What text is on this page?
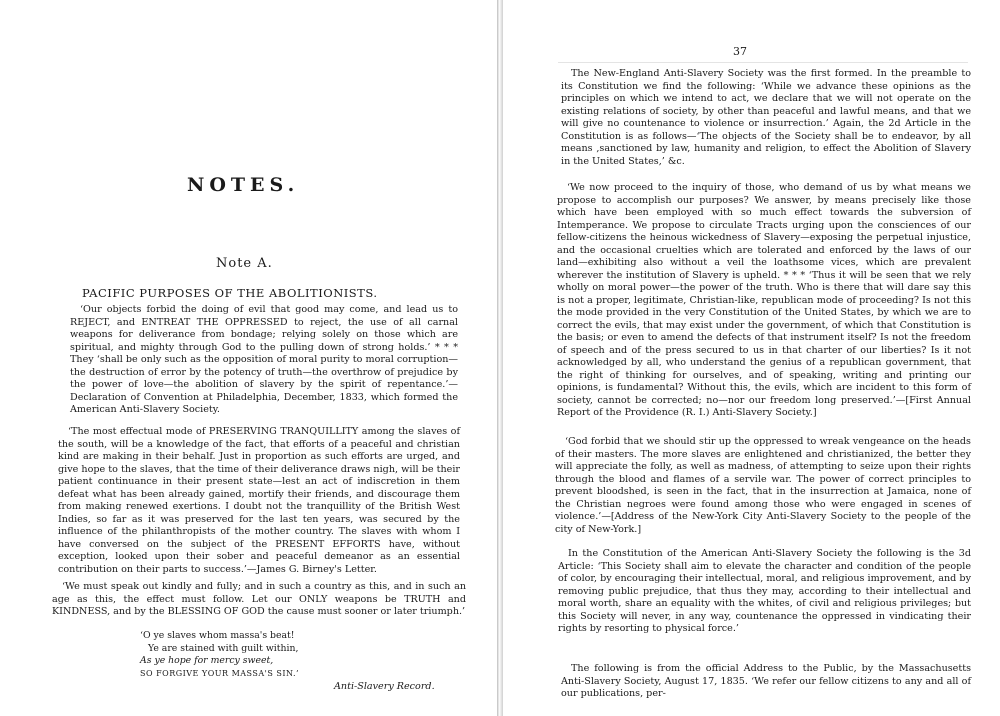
NOTES.
Note A.
PACIFIC PURPOSES OF THE ABOLITIONISTS.

‘Our objects forbid the doing of evil that good may come, and lead us to REJECT, and ENTREAT THE OPPRESSED to reject, the use of all carnal weapons for deliverance from bondage; relying solely on those which are spiritual, and mighty through God to the pulling down of strong holds.’ * * * They ‘shall be only such as the opposition of moral purity to moral corruption—the destruction of error by the potency of truth—the overthrow of prejudice by the power of love—the abolition of slavery by the spirit of repentance.’—Declaration of Convention at Philadelphia, December, 1833, which formed the American Anti-Slavery Society.

‘The most effectual mode of PRESERVING TRANQUILLITY among the slaves of the south, will be a knowledge of the fact, that efforts of a peaceful and christian kind are making in their behalf. Just in proportion as such efforts are urged, and give hope to the slaves, that the time of their deliverance draws nigh, will be their patient continuance in their present state—lest an act of indiscretion in them defeat what has been already gained, mortify their friends, and discourage them from making renewed exertions. I doubt not the tranquillity of the British West Indies, so far as it was preserved for the last ten years, was secured by the influence of the philanthropists of the mother country. The slaves with whom I have conversed on the subject of the PRESENT EFFORTS have, without exception, looked upon their sober and peaceful demeanor as an essential contribution on their parts to success.’—James G. Birney's Letter.

‘We must speak out kindly and fully; and in such a country as this, and in such an age as this, the effect must follow. Let our ONLY weapons be TRUTH and KINDNESS, and by the BLESSING OF GOD the cause must sooner or later triumph.’

‘O ye slaves whom massa's beat!
Ye are stained with guilt within,
As ye hope for mercy sweet,
SO FORGIVE YOUR MASSA'S SIN.’
Anti-Slavery Record.
37

The New-England Anti-Slavery Society was the first formed. In the preamble to its Constitution we find the following: ‘While we advance these opinions as the principles on which we intend to act, we declare that we will not operate on the existing relations of society, by other than peaceful and lawful means, and that we will give no countenance to violence or insurrection.’ Again, the 2d Article in the Constitution is as follows—‘The objects of the Society shall be to endeavor, by all means ,sanctioned by law, humanity and religion, to effect the Abolition of Slavery in the United States,’ &c.

‘We now proceed to the inquiry of those, who demand of us by what means we propose to accomplish our purposes? We answer, by means precisely like those which have been employed with so much effect towards the subversion of Intemperance. We propose to circulate Tracts urging upon the consciences of our fellow-citizens the heinous wickedness of Slavery—exposing the perpetual injustice, and the occasional cruelties which are tolerated and enforced by the laws of our land—exhibiting also without a veil the loathsome vices, which are prevalent wherever the institution of Slavery is upheld. * * * ‘Thus it will be seen that we rely wholly on moral power—the power of the truth. Who is there that will dare say this is not a proper, legitimate, Christian-like, republican mode of proceeding? Is not this the mode provided in the very Constitution of the United States, by which we are to correct the evils, that may exist under the government, of which that Constitution is the basis; or even to amend the defects of that instrument itself? Is not the freedom of speech and of the press secured to us in that charter of our liberties? Is it not acknowledged by all, who understand the genius of a republican government, that the right of thinking for ourselves, and of speaking, writing and printing our opinions, is fundamental? Without this, the evils, which are incident to this form of society, cannot be corrected; no—nor our freedom long preserved.’—[First Annual Report of the Providence (R. I.) Anti-Slavery Society.]

‘God forbid that we should stir up the oppressed to wreak vengeance on the heads of their masters. The more slaves are enlightened and christianized, the better they will appreciate the folly, as well as madness, of attempting to seize upon their rights through the blood and flames of a servile war. The power of correct principles to prevent bloodshed, is seen in the fact, that in the insurrection at Jamaica, none of the Christian negroes were found among those who were engaged in scenes of violence.’—[Address of the New-York City Anti-Slavery Society to the people of the city of New-York.]

In the Constitution of the American Anti-Slavery Society the following is the 3d Article: ‘This Society shall aim to elevate the character and condition of the people of color, by encouraging their intellectual, moral, and religious improvement, and by removing public prejudice, that thus they may, according to their intellectual and moral worth, share an equality with the whites, of civil and religious privileges; but this Society will never, in any way, countenance the oppressed in vindicating their rights by resorting to physical force.’

The following is from the official Address to the Public, by the Massachusetts Anti-Slavery Society, August 17, 1835. ‘We refer our fellow citizens to any and all of our publications, per-
